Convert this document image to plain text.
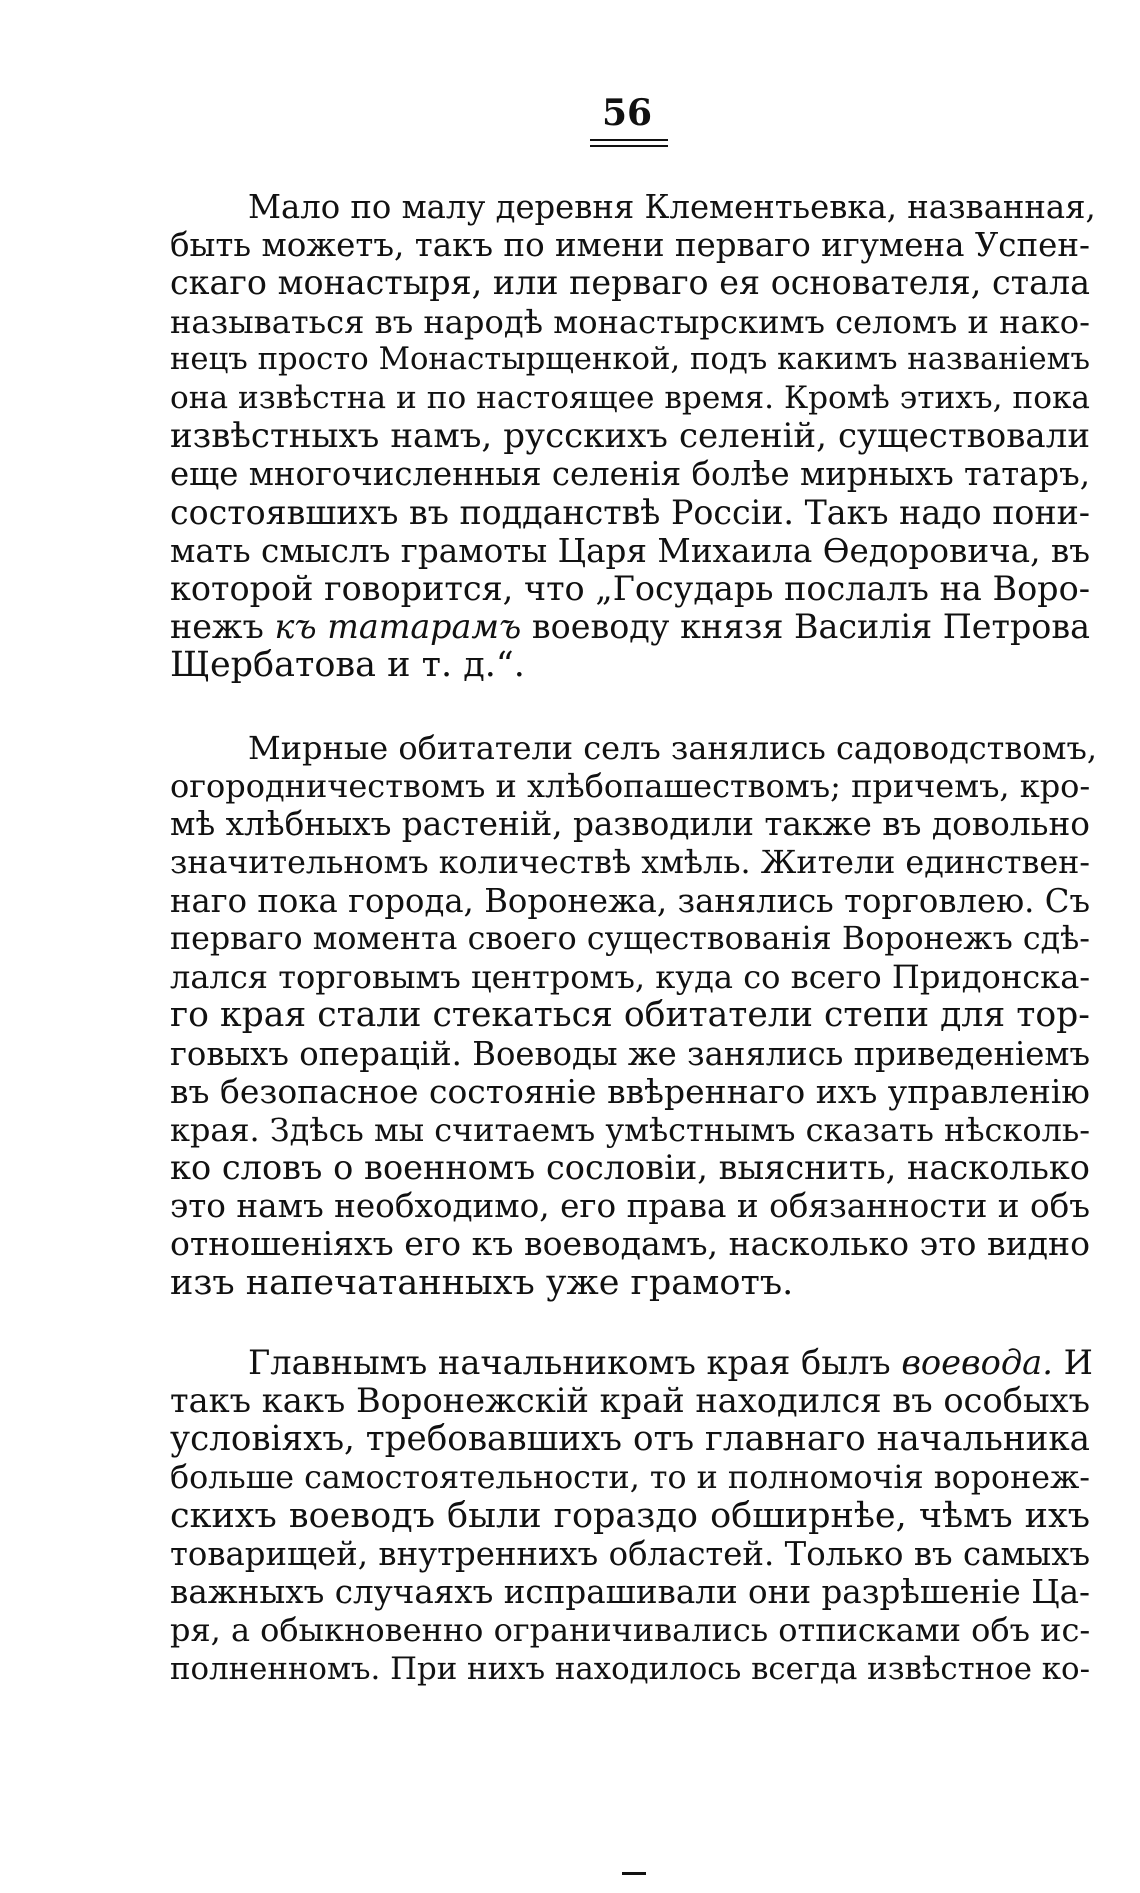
56
Мало по малу деревня Клементьевка, названная,
быть можетъ, такъ по имени перваго игумена Успен-
скаго монастыря, или перваго ея основателя, стала
называться въ народѣ монастырскимъ селомъ и нако-
нецъ просто Монастырщенкой, подъ какимъ названіемъ
она извѣстна и по настоящее время. Кромѣ этихъ, пока
извѣстныхъ намъ, русскихъ селеній, существовали
еще многочисленныя селенія болѣе мирныхъ татаръ,
состоявшихъ въ подданствѣ Россіи. Такъ надо пони-
мать смыслъ грамоты Царя Михаила Ѳедоровича, въ
которой говорится, что „Государь послалъ на Воро-
нежъ къ татарамъ воеводу князя Василія Петрова
Щербатова и т. д.“.
Мирные обитатели селъ занялись садоводствомъ,
огородничествомъ и хлѣбопашествомъ; причемъ, кро-
мѣ хлѣбныхъ растеній, разводили также въ довольно
значительномъ количествѣ хмѣль. Жители единствен-
наго пока города, Воронежа, занялись торговлею. Съ
перваго момента своего существованія Воронежъ сдѣ-
лался торговымъ центромъ, куда со всего Придонска-
го края стали стекаться обитатели степи для тор-
говыхъ операцій. Воеводы же занялись приведеніемъ
въ безопасное состояніе ввѣреннаго ихъ управленію
края. Здѣсь мы считаемъ умѣстнымъ сказать нѣсколь-
ко словъ о военномъ сословіи, выяснить, насколько
это намъ необходимо, его права и обязанности и объ
отношеніяхъ его къ воеводамъ, насколько это видно
изъ напечатанныхъ уже грамотъ.
Главнымъ начальникомъ края былъ воевода. И
такъ какъ Воронежскій край находился въ особыхъ
условіяхъ, требовавшихъ отъ главнаго начальника
больше самостоятельности, то и полномочія воронеж-
скихъ воеводъ были гораздо обширнѣе, чѣмъ ихъ
товарищей, внутреннихъ областей. Только въ самыхъ
важныхъ случаяхъ испрашивали они разрѣшеніе Ца-
ря, а обыкновенно ограничивались отписками объ ис-
полненномъ. При нихъ находилось всегда извѣстное ко-
